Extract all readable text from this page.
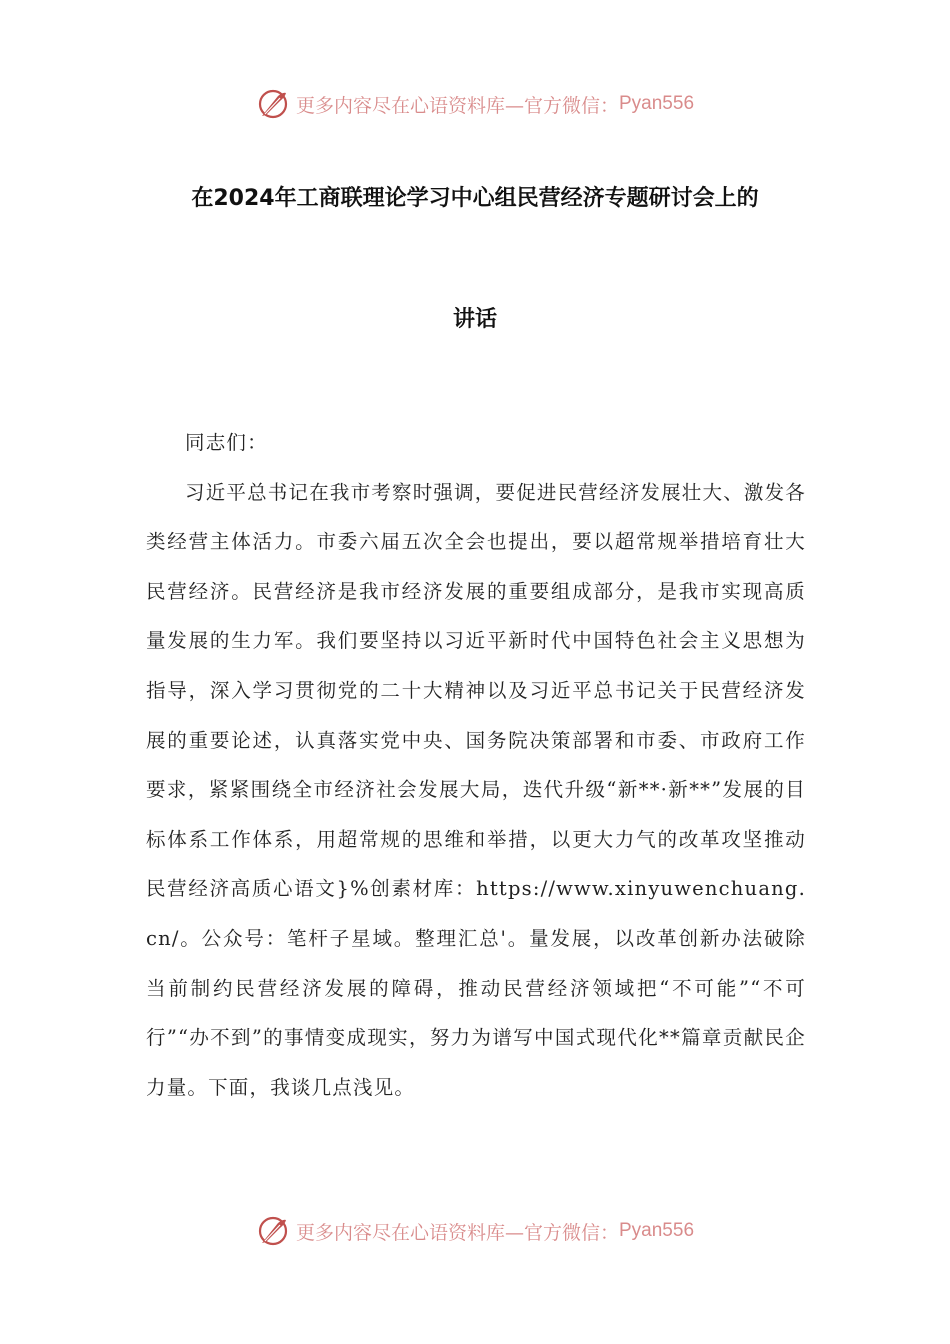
更多内容尽在心语资料库—官方微信： Pyan556
在2024年工商联理论学习中心组民营经济专题研讨会上的
讲话

同志们：

习近平总书记在我市考察时强调，要促进民营经济发展壮大、激发各类经营主体活力。市委六届五次全会也提出，要以超常规举措培育壮大民营经济。民营经济是我市经济发展的重要组成部分，是我市实现高质量发展的生力军。我们要坚持以习近平新时代中国特色社会主义思想为指导，深入学习贯彻党的二十大精神以及习近平总书记关于民营经济发展的重要论述，认真落实党中央、国务院决策部署和市委、市政府工作要求，紧紧围绕全市经济社会发展大局，迭代升级“新**·新**”发展的目标体系工作体系，用超常规的思维和举措，以更大力气的改革攻坚推动民营经济高质心语文}%创素材库：https://www.xinyuwenchuang.cn/。公众号：笔杆子星域。整理汇总'。量发展，以改革创新办法破除当前制约民营经济发展的障碍，推动民营经济领域把“不可能”“不可行”“办不到”的事情变成现实，努力为谱写中国式现代化**篇章贡献民企力量。下面，我谈几点浅见。

更多内容尽在心语资料库—官方微信： Pyan556
